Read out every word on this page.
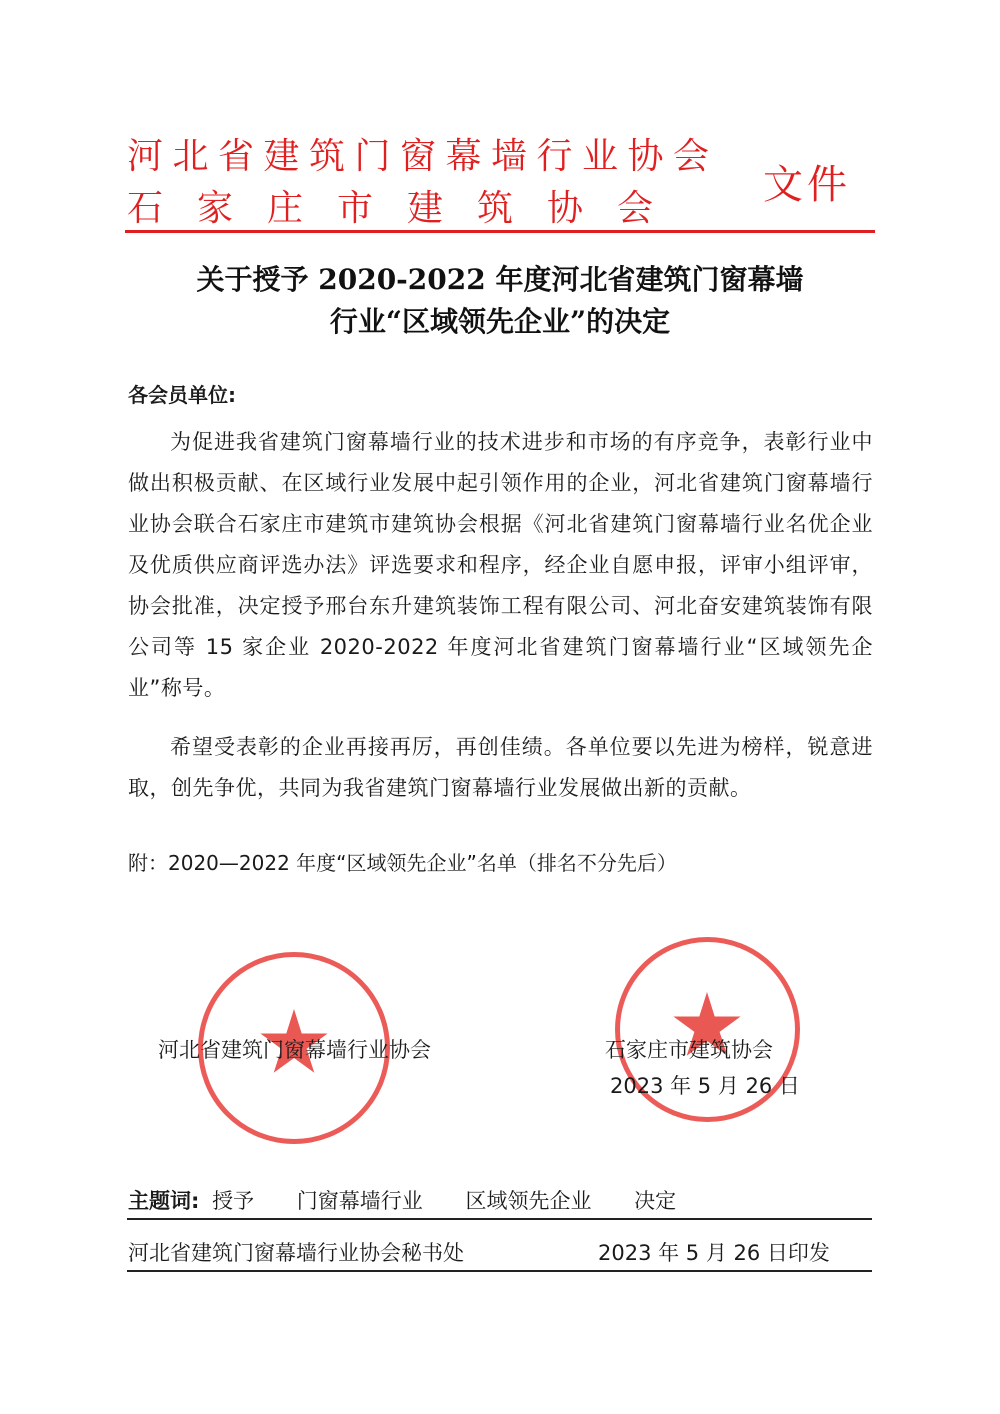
河北省建筑门窗幕墙行业协会
石家庄市建筑协会
文件
关于授予 2020-2022 年度河北省建筑门窗幕墙
行业“区域领先企业”的决定
各会员单位:
为促进我省建筑门窗幕墙行业的技术进步和市场的有序竞争，表彰行业中做出积极贡献、在区域行业发展中起引领作用的企业，河北省建筑门窗幕墙行业协会联合石家庄市建筑市建筑协会根据《河北省建筑门窗幕墙行业名优企业及优质供应商评选办法》评选要求和程序，经企业自愿申报，评审小组评审，协会批准，决定授予邢台东升建筑装饰工程有限公司、河北奋安建筑装饰有限公司等 15 家企业 2020-2022 年度河北省建筑门窗幕墙行业“区域领先企业”称号。
希望受表彰的企业再接再厉，再创佳绩。各单位要以先进为榜样，锐意进取，创先争优，共同为我省建筑门窗幕墙行业发展做出新的贡献。
附：2020—2022 年度“区域领先企业”名单（排名不分先后）
河北省建筑门窗幕墙行业协会	石家庄市建筑协会
2023 年 5 月 26 日
主题词: 授予 门窗幕墙行业 区域领先企业 决定
河北省建筑门窗幕墙行业协会秘书处	2023 年 5 月 26 日印发
